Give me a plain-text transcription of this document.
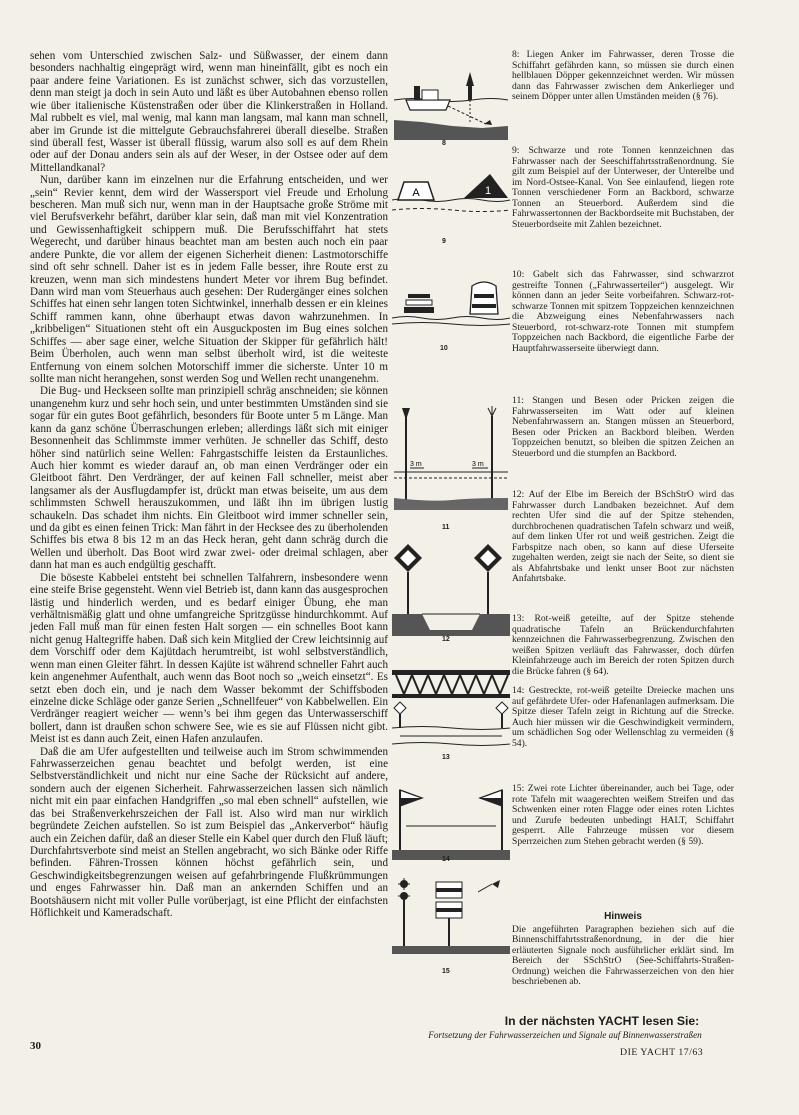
sehen vom Unterschied zwischen Salz- und Süßwasser, der einem dann besonders nachhaltig eingeprägt wird, wenn man hineinfällt, gibt es noch ein paar andere feine Variationen. Es ist zunächst schwer, sich das vorzustellen, denn man steigt ja doch in sein Auto und läßt es über Autobahnen ebenso rollen wie über italienische Küstenstraßen oder über die Klinkerstraßen in Holland. Mal rubbelt es viel, mal wenig, mal kann man langsam, mal kann man schnell, aber im Grunde ist die mittelgute Gebrauchsfahrerei überall dieselbe. Straßen sind überall fest, Wasser ist überall flüssig, warum also soll es auf dem Rhein oder auf der Donau anders sein als auf der Weser, in der Ostsee oder auf dem Mittellandkanal?

Nun, darüber kann im einzelnen nur die Erfahrung entscheiden, und wer „sein“ Revier kennt, dem wird der Wassersport viel Freude und Erholung bescheren. Man muß sich nur, wenn man in der Hauptsache große Ströme mit viel Berufsverkehr befährt, darüber klar sein, daß man mit viel Konzentration und Gewissenhaftigkeit schippern muß. Die Berufsschiffahrt hat stets Wegerecht, und darüber hinaus beachtet man am besten auch noch ein paar andere Punkte, die vor allem der eigenen Sicherheit dienen: Lastmotorschiffe sind oft sehr schnell. Daher ist es in jedem Falle besser, ihre Route erst zu kreuzen, wenn man sich mindestens hundert Meter vor ihrem Bug befindet. Dann wird man vom Steuerhaus auch gesehen: Der Rudergänger eines solchen Schiffes hat einen sehr langen toten Sichtwinkel, innerhalb dessen er ein kleines Schiff rammen kann, ohne überhaupt etwas davon wahrzunehmen. In „kribbeligen“ Situationen steht oft ein Ausguckposten im Bug eines solchen Schiffes — aber sage einer, welche Situation der Skipper für gefährlich hält! Beim Überholen, auch wenn man selbst überholt wird, ist die weiteste Entfernung von einem solchen Motorschiff immer die sicherste. Unter 10 m sollte man nicht herangehen, sonst werden Sog und Wellen recht unangenehm.

Die Bug- und Heckseen sollte man prinzipiell schräg anschneiden; sie können unangenehm kurz und sehr hoch sein, und unter bestimmten Umständen sind sie sogar für ein gutes Boot gefährlich, besonders für Boote unter 5 m Länge. Man kann da ganz schöne Überraschungen erleben; allerdings läßt sich mit einiger Besonnenheit das Schlimmste immer verhüten. Je schneller das Schiff, desto höher sind natürlich seine Wellen: Fahrgastschiffe leisten da Erstaunliches. Auch hier kommt es wieder darauf an, ob man einen Verdränger oder ein Gleitboot fährt. Den Verdränger, der auf keinen Fall schneller, meist aber langsamer als der Ausflugdampfer ist, drückt man etwas beiseite, um aus dem schlimmsten Schwell herauszukommen, und läßt ihn im übrigen lustig schaukeln. Das schadet ihm nichts. Ein Gleitboot wird immer schneller sein, und da gibt es einen feinen Trick: Man fährt in der Hecksee des zu überholenden Schiffes bis etwa 8 bis 12 m an das Heck heran, geht dann schräg durch die Wellen und überholt. Das Boot wird zwar zwei- oder dreimal schlagen, aber dann hat man es auch endgültig geschafft.

Die böseste Kabbelei entsteht bei schnellen Talfahrern, insbesondere wenn eine steife Brise gegensteht. Wenn viel Betrieb ist, dann kann das ausgesprochen lästig und hinderlich werden, und es bedarf einiger Übung, ehe man verhältnismäßig glatt und ohne umfangreiche Spritzgüsse hindurchkommt. Auf jeden Fall muß man für einen festen Halt sorgen — ein schnelles Boot kann nicht genug Haltegriffe haben. Daß sich kein Mitglied der Crew leichtsinnig auf dem Vorschiff oder dem Kajütdach herumtreibt, ist wohl selbstverständlich, wenn man einen Gleiter fährt. In dessen Kajüte ist während schneller Fahrt auch kein angenehmer Aufenthalt, auch wenn das Boot noch so „weich einsetzt“. Es setzt eben doch ein, und je nach dem Wasser bekommt der Schiffsboden einzelne dicke Schläge oder ganze Serien „Schnellfeuer“ von Kabbelwellen. Ein Verdränger reagiert weicher — wenn’s bei ihm gegen das Unterwasserschiff bollert, dann ist draußen schon schwere See, wie es sie auf Flüssen nicht gibt. Meist ist es dann auch Zeit, einen Hafen anzulaufen.

Daß die am Ufer aufgestellten und teilweise auch im Strom schwimmenden Fahrwasserzeichen genau beachtet und befolgt werden, ist eine Selbstverständlichkeit und nicht nur eine Sache der Rücksicht auf andere, sondern auch der eigenen Sicherheit. Fahrwasserzeichen lassen sich nämlich nicht mit ein paar einfachen Handgriffen „so mal eben schnell“ aufstellen, wie das bei Straßenverkehrszeichen der Fall ist. Also wird man nur wirklich begründete Zeichen aufstellen. So ist zum Beispiel das „Ankerverbot“ häufig auch ein Zeichen dafür, daß an dieser Stelle ein Kabel quer durch den Fluß läuft; Durchfahrtsverbote sind meist an Stellen angebracht, wo sich Bänke oder Riffe befinden. Fähren-Trossen können höchst gefährlich sein, und Geschwindigkeitsbegrenzungen weisen auf gefahrbringende Flußkrümmungen und enges Fahrwasser hin. Daß man an ankernden Schiffen und an Bootshäusern nicht mit voller Pulle vorüberjagt, ist eine Pflicht der einfachsten Höflichkeit und Kameradschaft.

8
A	1
9
10
3 m	3 m
11
12
13
14
15

8: Liegen Anker im Fahrwasser, deren Trosse die Schiffahrt gefährden kann, so müssen sie durch einen hellblauen Döpper gekennzeichnet werden. Wir müssen dann das Fahrwasser zwischen dem Ankerlieger und seinem Döpper unter allen Umständen meiden (§ 76).

9: Schwarze und rote Tonnen kennzeichnen das Fahrwasser nach der Seeschiffahrtsstraßenordnung. Sie gilt zum Beispiel auf der Unterweser, der Unterelbe und im Nord-Ostsee-Kanal. Von See einlaufend, liegen rote Tonnen verschiedener Form an Backbord, schwarze Tonnen an Steuerbord. Außerdem sind die Fahrwassertonnen der Backbordseite mit Buchstaben, der Steuerbordseite mit Zahlen bezeichnet.

10: Gabelt sich das Fahrwasser, sind schwarzrot gestreifte Tonnen („Fahrwasserteiler“) ausgelegt. Wir können dann an jeder Seite vorbeifahren. Schwarz-rot-schwarze Tonnen mit spitzem Toppzeichen kennzeichnen die Abzweigung eines Nebenfahrwassers nach Steuerbord, rot-schwarz-rote Tonnen mit stumpfem Toppzeichen nach Backbord, die eigentliche Farbe der Hauptfahrwasserseite überwiegt dann.

11: Stangen und Besen oder Pricken zeigen die Fahrwasserseiten im Watt oder auf kleinen Nebenfahrwassern an. Stangen müssen an Steuerbord, Besen oder Pricken an Backbord bleiben. Werden Toppzeichen benutzt, so bleiben die spitzen Zeichen an Steuerbord und die stumpfen an Backbord.

12: Auf der Elbe im Bereich der BSchStrO wird das Fahrwasser durch Landbaken bezeichnet. Auf dem rechten Ufer sind die auf der Spitze stehenden, durchbrochenen quadratischen Tafeln schwarz und weiß, auf dem linken Ufer rot und weiß gestrichen. Zeigt die Farbspitze nach oben, so kann auf diese Uferseite zugehalten werden, zeigt sie nach der Seite, so dient sie als Abfahrtsbake und lenkt unser Boot zur nächsten Anfahrtsbake.

13: Rot-weiß geteilte, auf der Spitze stehende quadratische Tafeln an Brückendurchfahrten kennzeichnen die Fahrwasserbegrenzung. Zwischen den weißen Spitzen verläuft das Fahrwasser, doch dürfen Kleinfahrzeuge auch im Bereich der roten Spitzen durch die Brücke fahren (§ 64).

14: Gestreckte, rot-weiß geteilte Dreiecke machen uns auf gefährdete Ufer- oder Hafenanlagen aufmerksam. Die Spitze dieser Tafeln zeigt in Richtung auf die Strecke. Auch hier müssen wir die Geschwindigkeit vermindern, um schädlichen Sog oder Wellenschlag zu vermeiden (§ 54).

15: Zwei rote Lichter übereinander, auch bei Tage, oder rote Tafeln mit waagerechten weißem Streifen und das Schwenken einer roten Flagge oder eines roten Lichtes und Zurufe bedeuten unbedingt HALT, Schiffahrt gesperrt. Alle Fahrzeuge müssen vor diesem Sperrzeichen zum Stehen gebracht werden (§ 59).

Hinweis

Die angeführten Paragraphen beziehen sich auf die Binnenschiffahrtsstraßenordnung, in der die hier erläuterten Signale noch ausführlicher erklärt sind. Im Bereich der SSchStrO (See-Schiffahrts-Straßen-Ordnung) weichen die Fahrwasserzeichen von den hier beschriebenen ab.

In der nächsten YACHT lesen Sie:
Fortsetzung der Fahrwasserzeichen und Signale auf Binnenwasserstraßen
30
DIE YACHT 17/63
